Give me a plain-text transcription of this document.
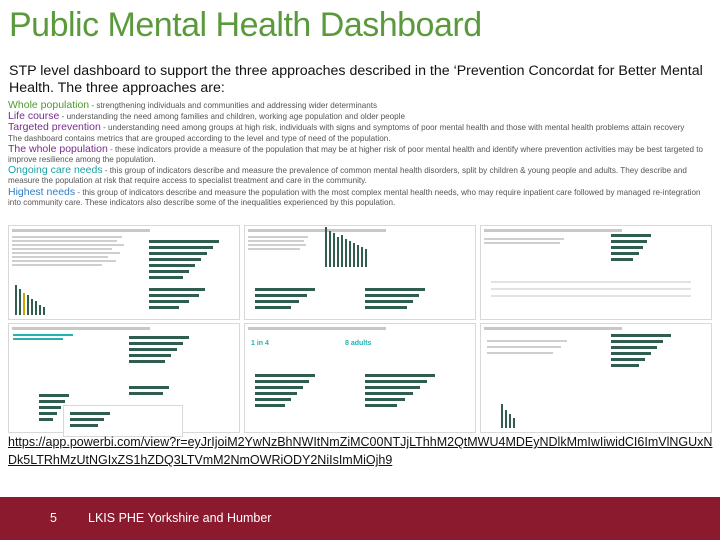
Public Mental Health Dashboard
STP level dashboard to support the three approaches described in the ‘Prevention Concordat for Better Mental Health. The three approaches are:
Whole population - strengthening individuals and communities and addressing wider determinants
Life course - understanding the need among families and children, working age population and older people
Targeted prevention - understanding need among groups at high risk, individuals with signs and symptoms of poor mental health and those with mental health problems attain recovery
The dashboard contains metrics that are grouped according to the level and type of need of the population.
The whole population - these indicators provide a measure of the population that may be at higher risk of poor mental health and identify where prevention activities may be best targeted to improve resilience among the population.
Ongoing care needs - this group of indicators describe and measure the prevalence of common mental health disorders, split by children & young people and adults. They describe and measure the population at risk that require access to specialist treatment and care in the community.
Highest needs - this group of indicators describe and measure the population with the most complex mental health needs, who may require inpatient care followed by managed re-integration into community care. These indicators also describe some of the inequalities experienced by this population.
1 in 4	8 adults
https://app.powerbi.com/view?r=eyJrIjoiM2YwNzBhNWItNmZiMC00NTJjLThhM2QtMWU4MDEyNDlkMmIwIiwidCI6ImVlNGUxNDk5LTRhMzUtNGIxZS1hZDQ3LTVmM2NmOWRiODY2NiIsImMiOjh9
5 LKIS PHE Yorkshire and Humber
